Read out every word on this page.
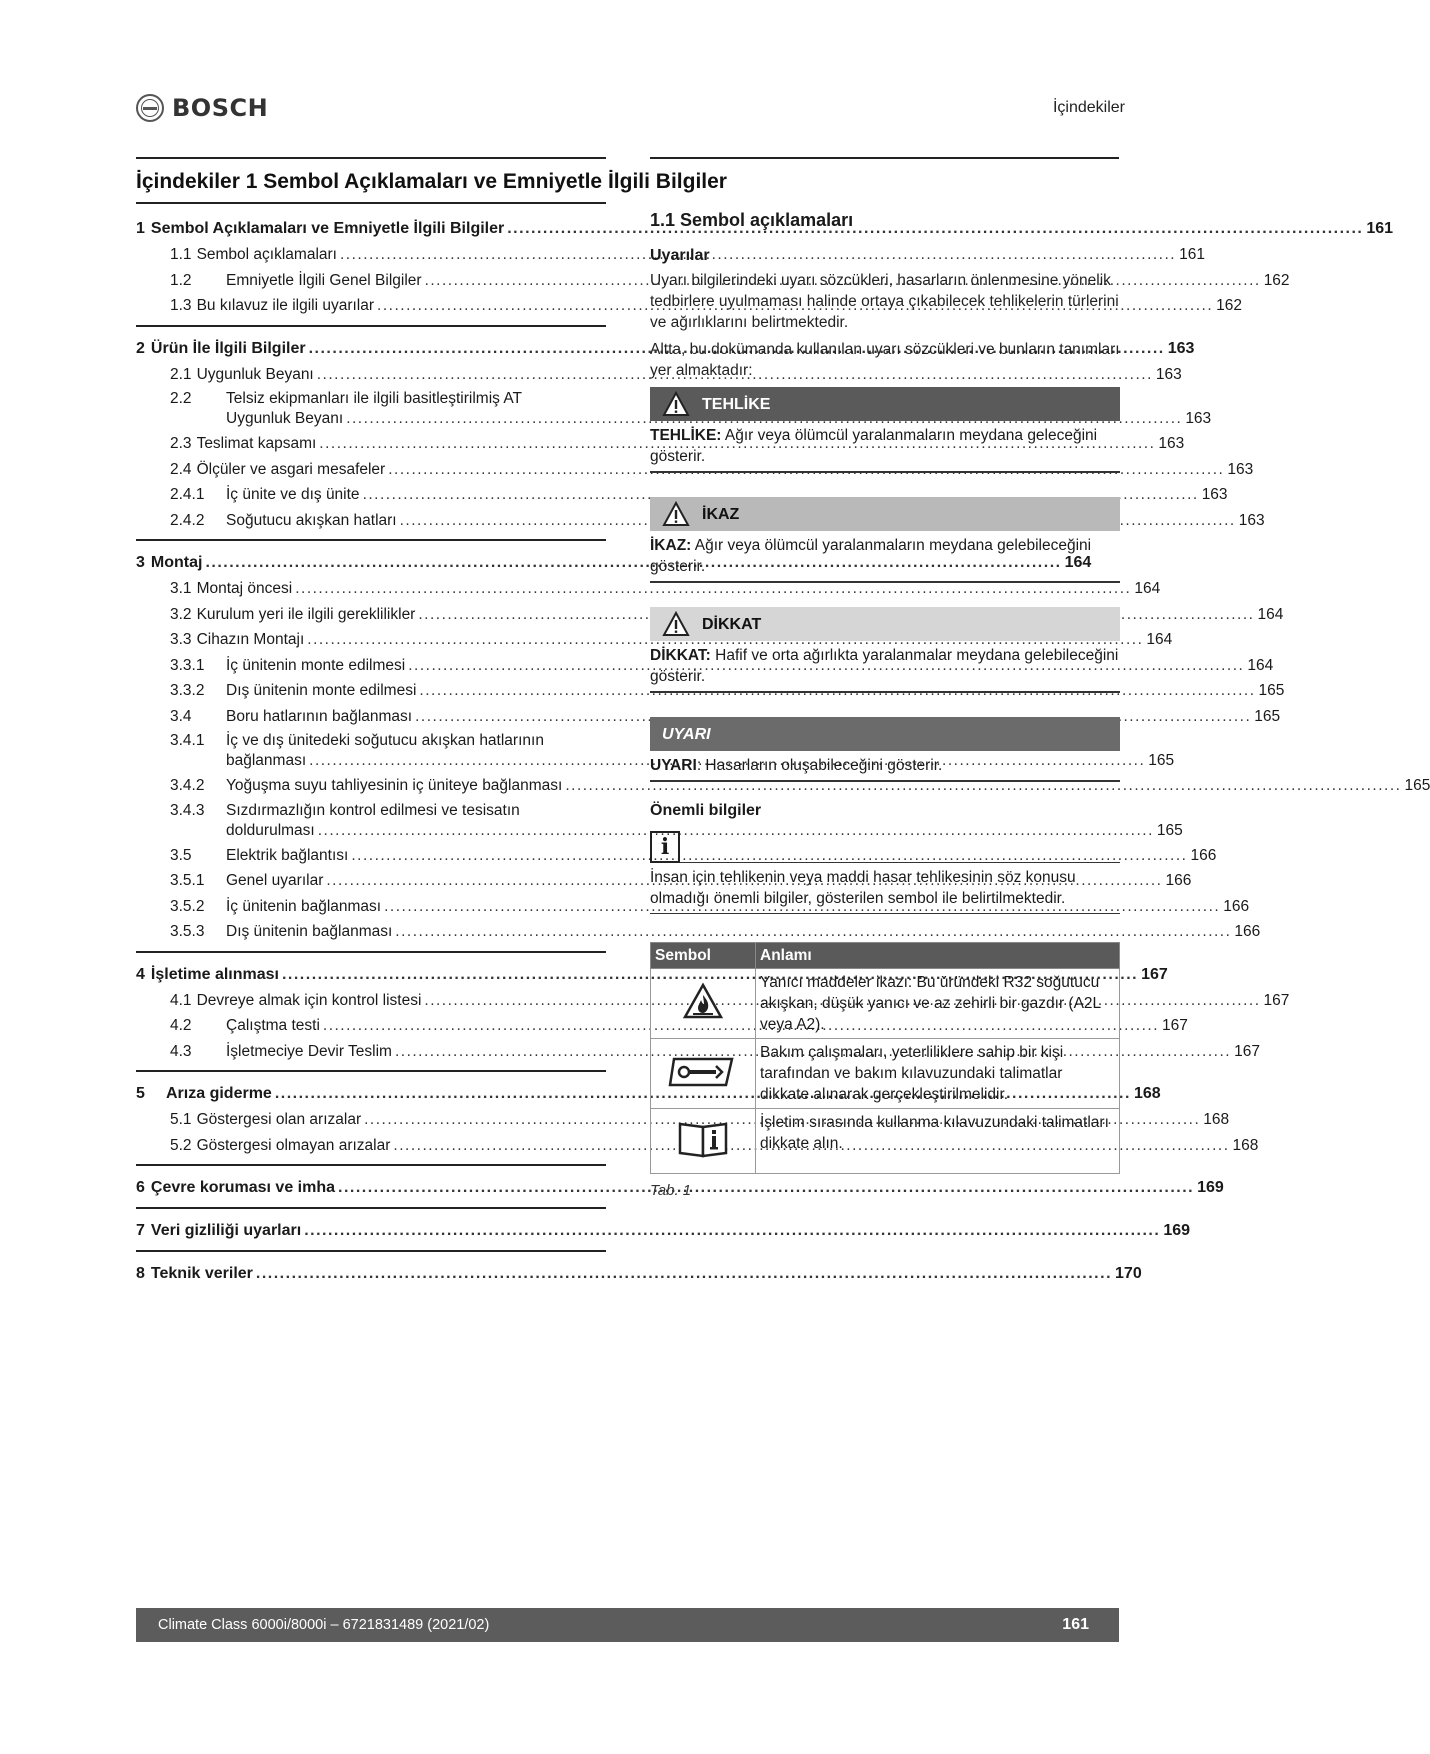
BOSCH	İçindekiler
İçindekiler 1 Sembol Açıklamaları ve Emniyetle İlgili Bilgiler
1 Sembol Açıklamaları ve Emniyetle İlgili Bilgiler .....	161
1.1 Sembol açıklamaları .....	161
1.2	Emniyetle İlgili Genel Bilgiler .....	162
1.3 Bu kılavuz ile ilgili uyarılar .....	162
2 Ürün İle İlgili Bilgiler .....	163
2.1 Uygunluk Beyanı .....	163
2.2	Telsiz ekipmanları ile ilgili basitleştirilmiş AT
Uygunluk Beyanı .....	163
2.3 Teslimat kapsamı .....	163
2.4 Ölçüler ve asgari mesafeler .....	163
2.4.1	İç ünite ve dış ünite .....	163
2.4.2	Soğutucu akışkan hatları .....	163
3 Montaj .....	164
3.1 Montaj öncesi .....	164
3.2 Kurulum yeri ile ilgili gereklilikler .....	164
3.3 Cihazın Montajı .....	164
3.3.1	İç ünitenin monte edilmesi .....	164
3.3.2	Dış ünitenin monte edilmesi .....	165
3.4	Boru hatlarının bağlanması .....	165
3.4.1	İç ve dış ünitedeki soğutucu akışkan hatlarının
bağlanması .....	165
3.4.2	Yoğuşma suyu tahliyesinin iç üniteye bağlanması .....	165
3.4.3	Sızdırmazlığın kontrol edilmesi ve tesisatın
doldurulması .....	165
3.5	Elektrik bağlantısı .....	166
3.5.1	Genel uyarılar .....	166
3.5.2	İç ünitenin bağlanması .....	166
3.5.3	Dış ünitenin bağlanması .....	166
4 İşletime alınması .....	167
4.1 Devreye almak için kontrol listesi .....	167
4.2	Çalıştma testi .....	167
4.3	İşletmeciye Devir Teslim .....	167
5	Arıza giderme .....	168
5.1 Göstergesi olan arızalar .....	168
5.2 Göstergesi olmayan arızalar .....	168
6 Çevre koruması ve imha .....	169
7 Veri gizliliği uyarları .....	169
8 Teknik veriler .....	170
1.1 Sembol açıklamaları
Uyarılar
Uyarı bilgilerindeki uyarı sözcükleri, hasarların önlenmesine yönelik tedbirlere uyulmaması halinde ortaya çıkabilecek tehlikelerin türlerini ve ağırlıklarını belirtmektedir.
Altta, bu dokümanda kullanılan uyarı sözcükleri ve bunların tanımları yer almaktadır:
TEHLİKE
TEHLİKE: Ağır veya ölümcül yaralanmaların meydana geleceğini gösterir.
İKAZ
İKAZ: Ağır veya ölümcül yaralanmaların meydana gelebileceğini gösterir.
DİKKAT
DİKKAT: Hafif ve orta ağırlıkta yaralanmalar meydana gelebileceğini gösterir.
UYARI
UYARI: Hasarların oluşabileceğini gösterir.
Önemli bilgiler
i
İnsan için tehlikenin veya maddi hasar tehlikesinin söz konusu olmadığı önemli bilgiler, gösterilen sembol ile belirtilmektedir.
Sembol	Anlamı
	Yanıcı maddeler ikazı: Bu üründeki R32 soğutucu akışkan, düşük yanıcı ve az zehirli bir gazdır (A2L veya A2).
	Bakım çalışmaları, yeterliliklere sahip bir kişi tarafından ve bakım kılavuzundaki talimatlar dikkate alınarak gerçekleştirilmelidir.
	İşletim sırasında kullanma kılavuzundaki talimatları dikkate alın.
Tab. 1
Climate Class 6000i/8000i – 6721831489 (2021/02)	161
